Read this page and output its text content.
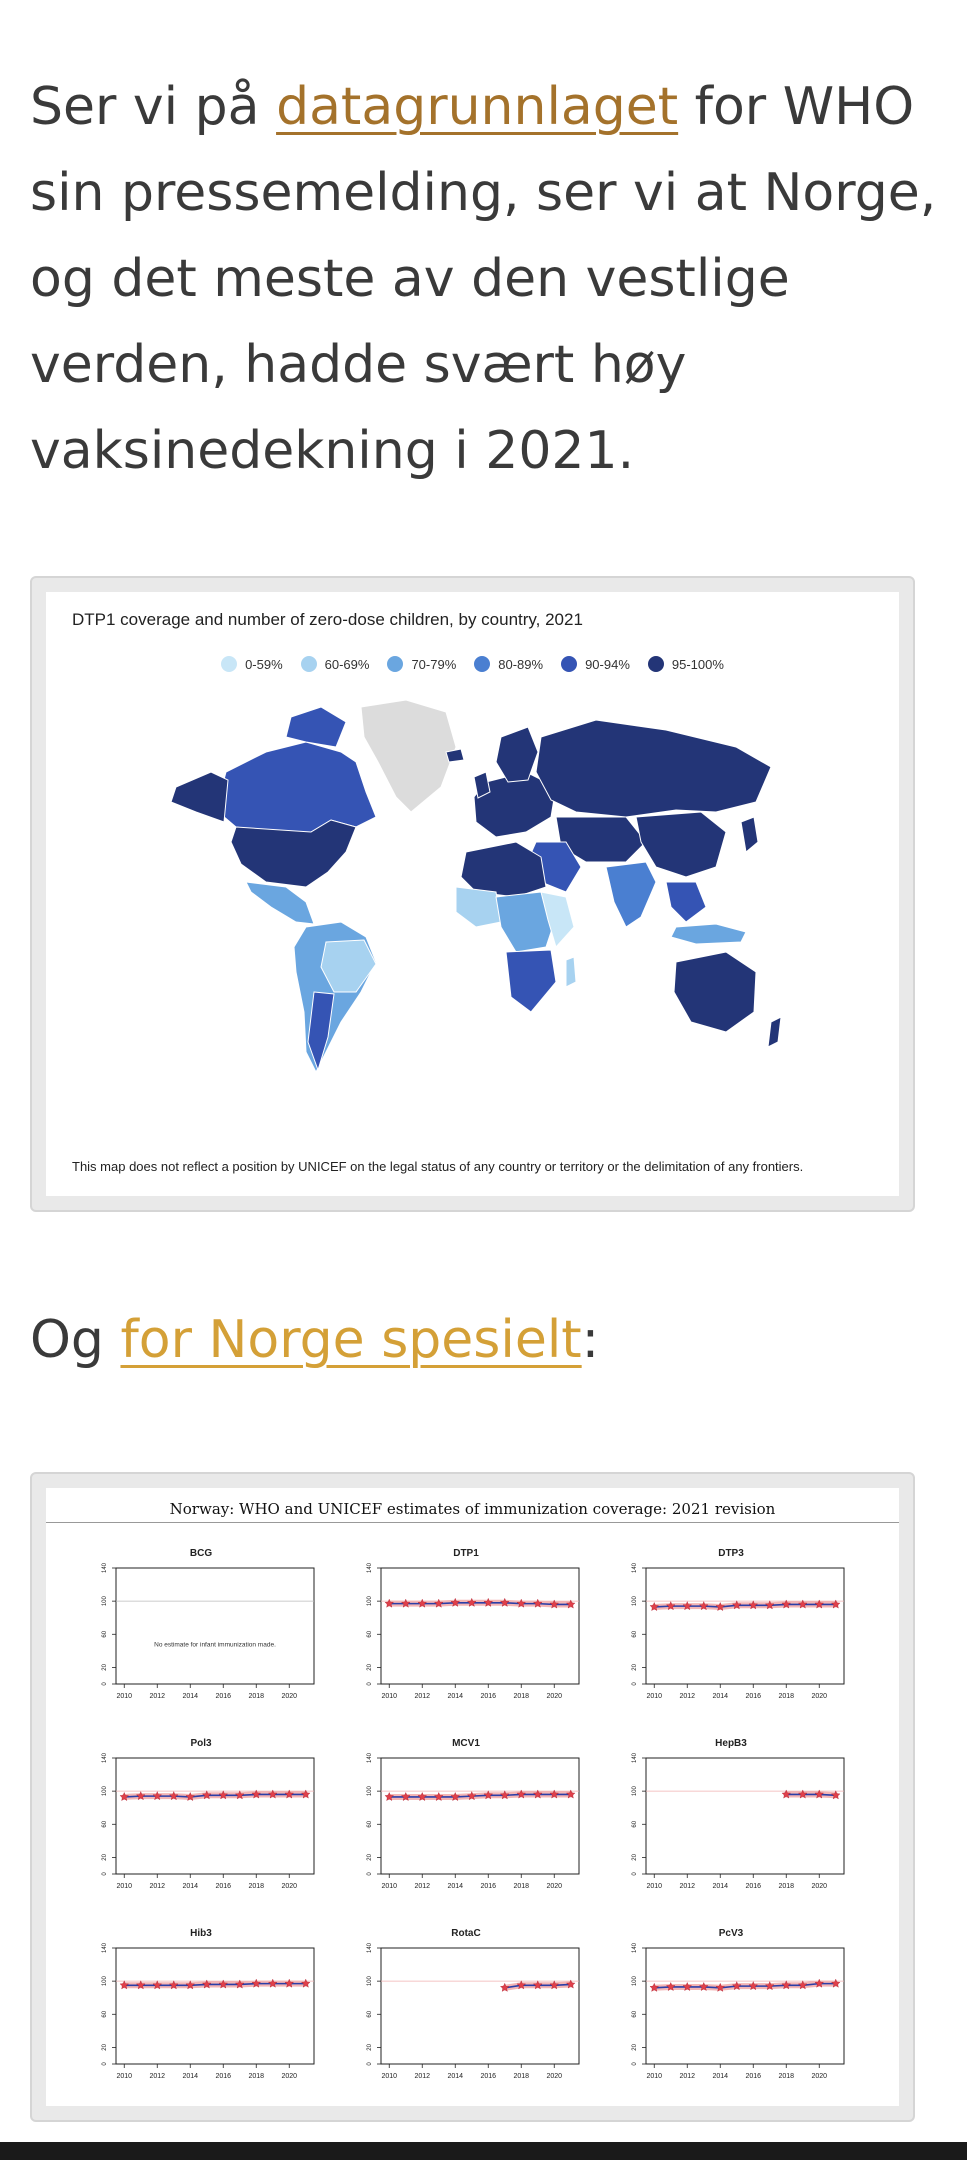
Ser vi på datagrunnlaget for WHO sin pressemelding, ser vi at Norge, og det meste av den vestlige verden, hadde svært høy vaksinedekning i 2021.

DTP1 coverage and number of zero-dose children, by country, 2021
0-59%	60-69%	70-79%	80-89%	90-94%	95-100%
This map does not reflect a position by UNICEF on the legal status of any country or territory or the delimitation of any frontiers.

Og for Norge spesielt:

Norway: WHO and UNICEF estimates of immunization coverage: 2021 revision
BCG
0
20
60
100
140
2010 2012 2014 2016 2018 2020
No estimate for infant immunization made.
DTP1
0
20
60
100
140
2010 2012 2014 2016 2018 2020
DTP3
0
20
60
100
140
2010 2012 2014 2016 2018 2020
Pol3
0
20
60
100
140
2010 2012 2014 2016 2018 2020
MCV1
0
20
60
100
140
2010 2012 2014 2016 2018 2020
HepB3
0
20
60
100
140
2010 2012 2014 2016 2018 2020
Hib3
0
20
60
100
140
2010 2012 2014 2016 2018 2020
RotaC
0
20
60
100
140
2010 2012 2014 2016 2018 2020
PcV3
0
20
60
100
140
2010 2012 2014 2016 2018 2020
